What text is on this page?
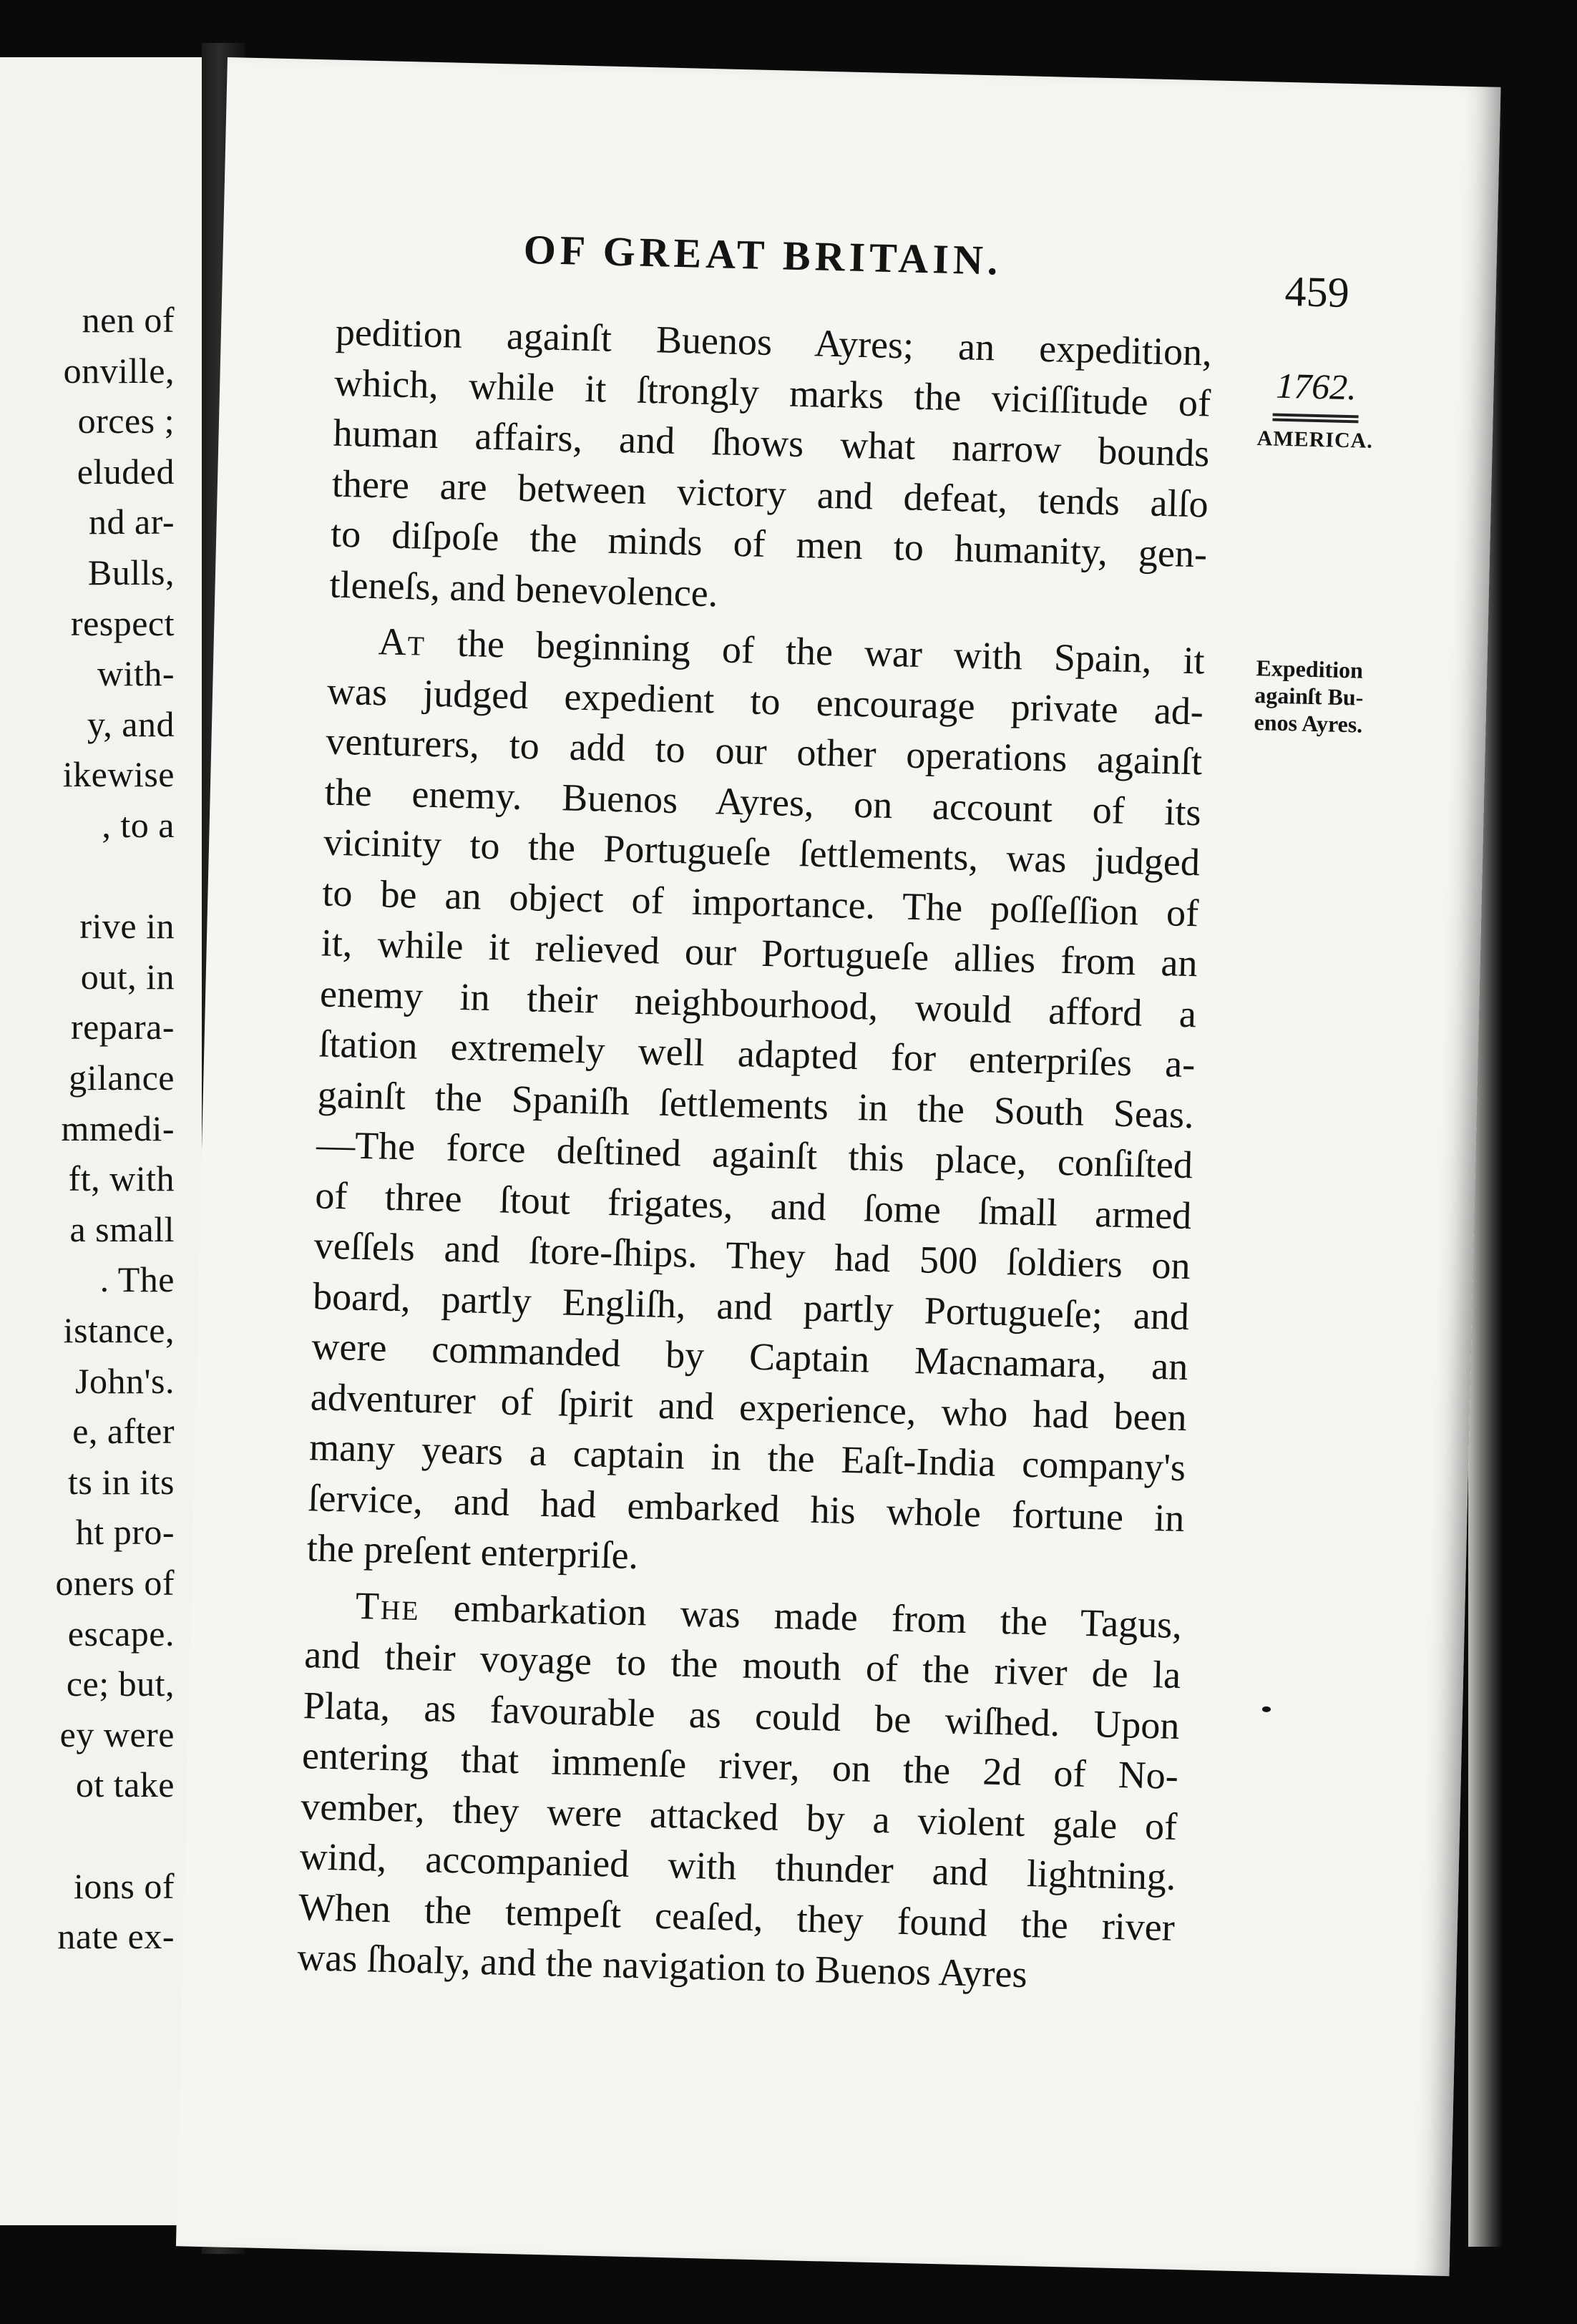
nen of
onville,
orces ;
eluded
nd ar-
Bulls,
respect
with-
y, and
ikewise
, to a
rive in
out, in
repara-
gilance
mmedi-
ft, with
a small
. The
istance,
John's.
e, after
ts in its
ht pro-
oners of
escape.
ce; but,
ey were
ot take
ions of
nate ex-
OF GREAT BRITAIN.
459
1762.
AMERICA.
Expedition
againſt Bu-
enos Ayres.
pedition againſt Buenos Ayres; an expedition,
which, while it ſtrongly marks the viciſſitude of
human affairs, and ſhows what narrow bounds
there are between victory and defeat, tends alſo
to diſpoſe the minds of men to humanity, gen-
tleneſs, and benevolence.
At the beginning of the war with Spain, it
was judged expedient to encourage private ad-
venturers, to add to our other operations againſt
the enemy. Buenos Ayres, on account of its
vicinity to the Portugueſe ſettlements, was judged
to be an object of importance. The poſſeſſion of
it, while it relieved our Portugueſe allies from an
enemy in their neighbourhood, would afford a
ſtation extremely well adapted for enterpriſes a-
gainſt the Spaniſh ſettlements in the South Seas.
—The force deſtined againſt this place, conſiſted
of three ſtout frigates, and ſome ſmall armed
veſſels and ſtore-ſhips. They had 500 ſoldiers on
board, partly Engliſh, and partly Portugueſe; and
were commanded by Captain Macnamara, an
adventurer of ſpirit and experience, who had been
many years a captain in the Eaſt-India company's
ſervice, and had embarked his whole fortune in
the preſent enterpriſe.
The embarkation was made from the Tagus,
and their voyage to the mouth of the river de la
Plata, as favourable as could be wiſhed. Upon
entering that immenſe river, on the 2d of No-
vember, they were attacked by a violent gale of
wind, accompanied with thunder and lightning.
When the tempeſt ceaſed, they found the river
was ſhoaly, and the navigation to Buenos Ayres
